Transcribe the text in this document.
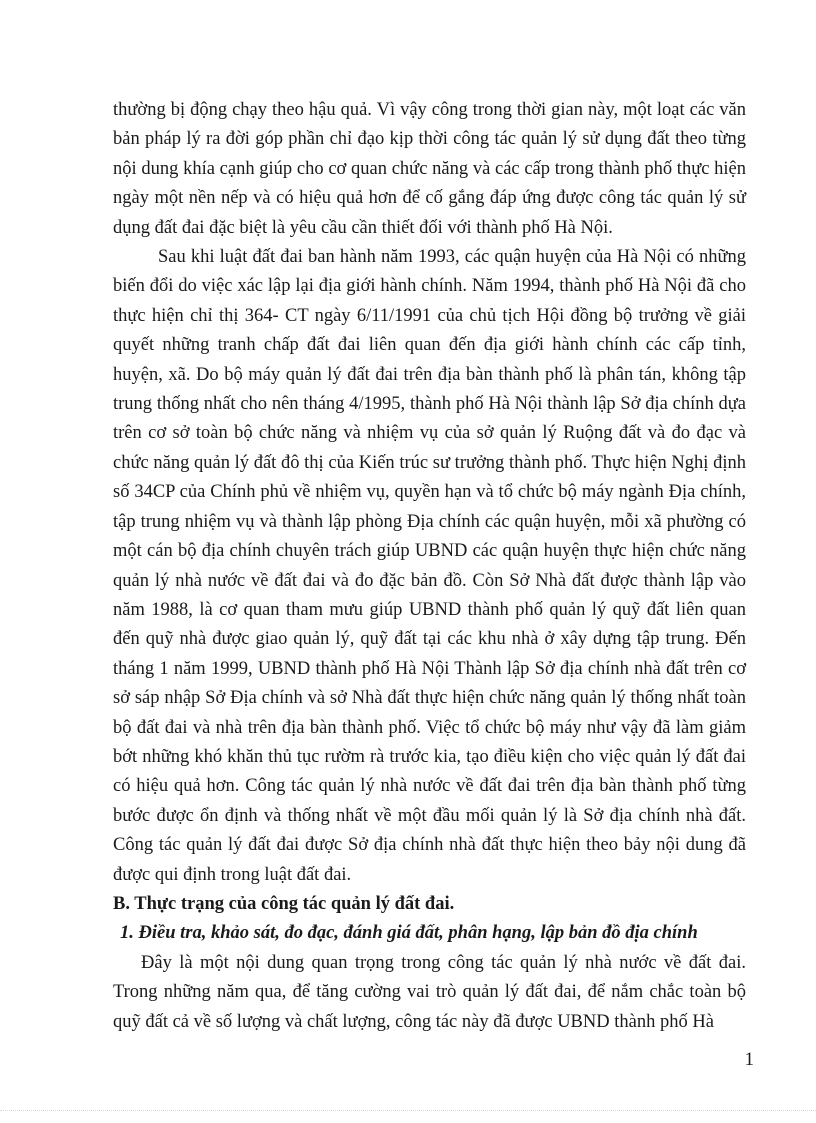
thường bị động chạy theo hậu quả. Vì vậy công trong thời gian này, một loạt các văn bản pháp lý ra đời góp phần chỉ đạo kịp thời công tác quản lý sử dụng đất theo từng nội dung khía cạnh giúp cho cơ quan chức năng và các cấp trong thành phố thực hiện ngày một nền nếp và có hiệu quả hơn để cố gắng đáp ứng được công tác quản lý sử dụng đất đai đặc biệt là yêu cầu cần thiết đối với thành phố Hà Nội.

Sau khi luật đất đai ban hành năm 1993, các quận huyện của Hà Nội có những biến đổi do việc xác lập lại địa giới hành chính. Năm 1994, thành phố Hà Nội đã cho thực hiện chỉ thị 364- CT ngày 6/11/1991 của chủ tịch Hội đồng bộ trưởng về giải quyết những tranh chấp đất đai liên quan đến địa giới hành chính các cấp tỉnh, huyện, xã. Do bộ máy quản lý đất đai trên địa bàn thành phố là phân tán, không tập trung thống nhất cho nên tháng 4/1995, thành phố Hà Nội thành lập Sở địa chính dựa trên cơ sở toàn bộ chức năng và nhiệm vụ của sở quản lý Ruộng đất và đo đạc và chức năng quản lý đất đô thị của Kiến trúc sư trưởng thành phố. Thực hiện Nghị định số 34CP của Chính phủ về nhiệm vụ, quyền hạn và tổ chức bộ máy ngành Địa chính, tập trung nhiệm vụ và thành lập phòng Địa chính các quận huyện, mỗi xã phường có một cán bộ địa chính chuyên trách giúp UBND các quận huyện thực hiện chức năng quản lý nhà nước về đất đai và đo đặc bản đồ. Còn Sở Nhà đất được thành lập vào năm 1988, là cơ quan tham mưu giúp UBND thành phố quản lý quỹ đất liên quan đến quỹ nhà được giao quản lý, quỹ đất tại các khu nhà ở xây dựng tập trung. Đến tháng 1 năm 1999, UBND thành phố Hà Nội Thành lập Sở địa chính nhà đất trên cơ sở sáp nhập Sở Địa chính và sở Nhà đất thực hiện chức năng quản lý thống nhất toàn bộ đất đai và nhà trên địa bàn thành phố. Việc tổ chức bộ máy như vậy đã làm giảm bớt những khó khăn thủ tục rườm rà trước kia, tạo điều kiện cho việc quản lý đất đai có hiệu quả hơn. Công tác quản lý nhà nước về đất đai trên địa bàn thành phố từng bước được ổn định và thống nhất về một đầu mối quản lý là Sở địa chính nhà đất. Công tác quản lý đất đai được Sở địa chính nhà đất thực hiện theo bảy nội dung đã được qui định trong luật đất đai.

B. Thực trạng của công tác quản lý đất đai.

1. Điều tra, khảo sát, đo đạc, đánh giá đất, phân hạng, lập bản đồ địa chính

Đây là một nội dung quan trọng trong công tác quản lý nhà nước về đất đai. Trong những năm qua, để tăng cường vai trò quản lý đất đai, để nắm chắc toàn bộ quỹ đất cả về số lượng và chất lượng, công tác này đã được UBND thành phố Hà

1
